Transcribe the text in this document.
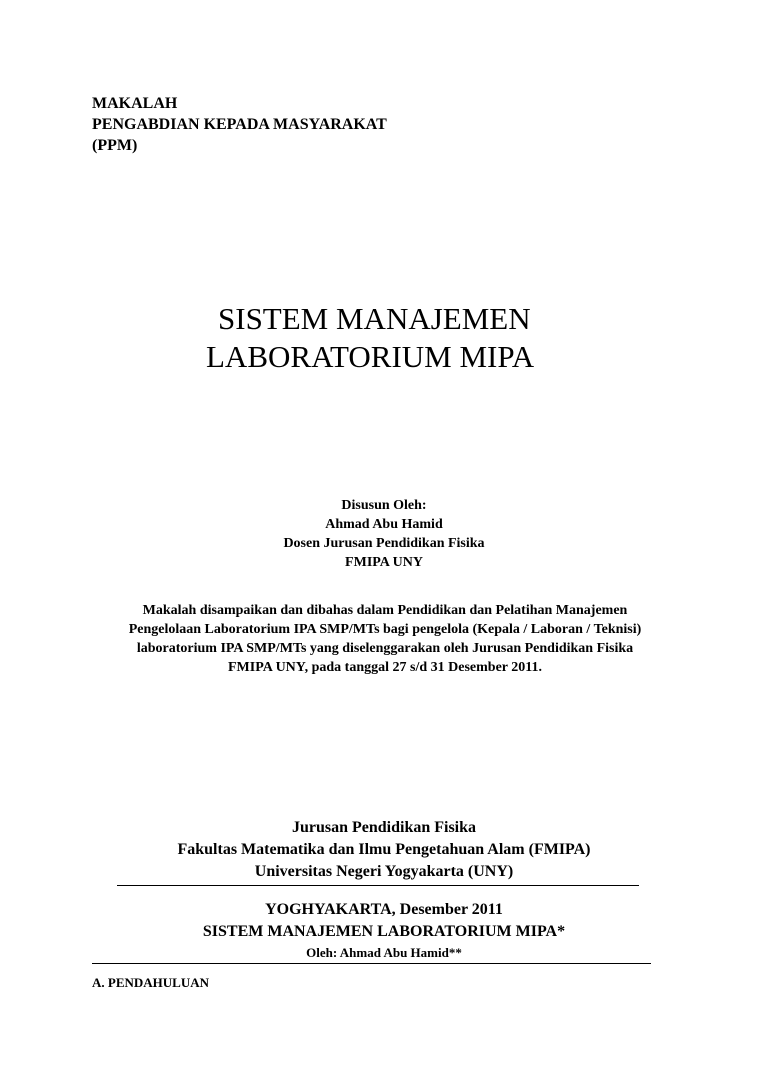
MAKALAH
PENGABDIAN KEPADA MASYARAKAT
(PPM)
SISTEM MANAJEMEN
LABORATORIUM MIPA
Disusun Oleh:
Ahmad Abu Hamid
Dosen Jurusan Pendidikan Fisika
FMIPA UNY
Makalah disampaikan dan dibahas dalam Pendidikan dan Pelatihan Manajemen
Pengelolaan Laboratorium IPA SMP/MTs bagi pengelola (Kepala / Laboran / Teknisi)
laboratorium IPA SMP/MTs yang diselenggarakan oleh Jurusan Pendidikan Fisika
FMIPA UNY, pada tanggal 27 s/d 31 Desember 2011.
Jurusan Pendidikan Fisika
Fakultas Matematika dan Ilmu Pengetahuan Alam (FMIPA)
Universitas Negeri Yogyakarta (UNY)
YOGHYAKARTA, Desember 2011
SISTEM MANAJEMEN LABORATORIUM MIPA*
Oleh: Ahmad Abu Hamid**
A. PENDAHULUAN
